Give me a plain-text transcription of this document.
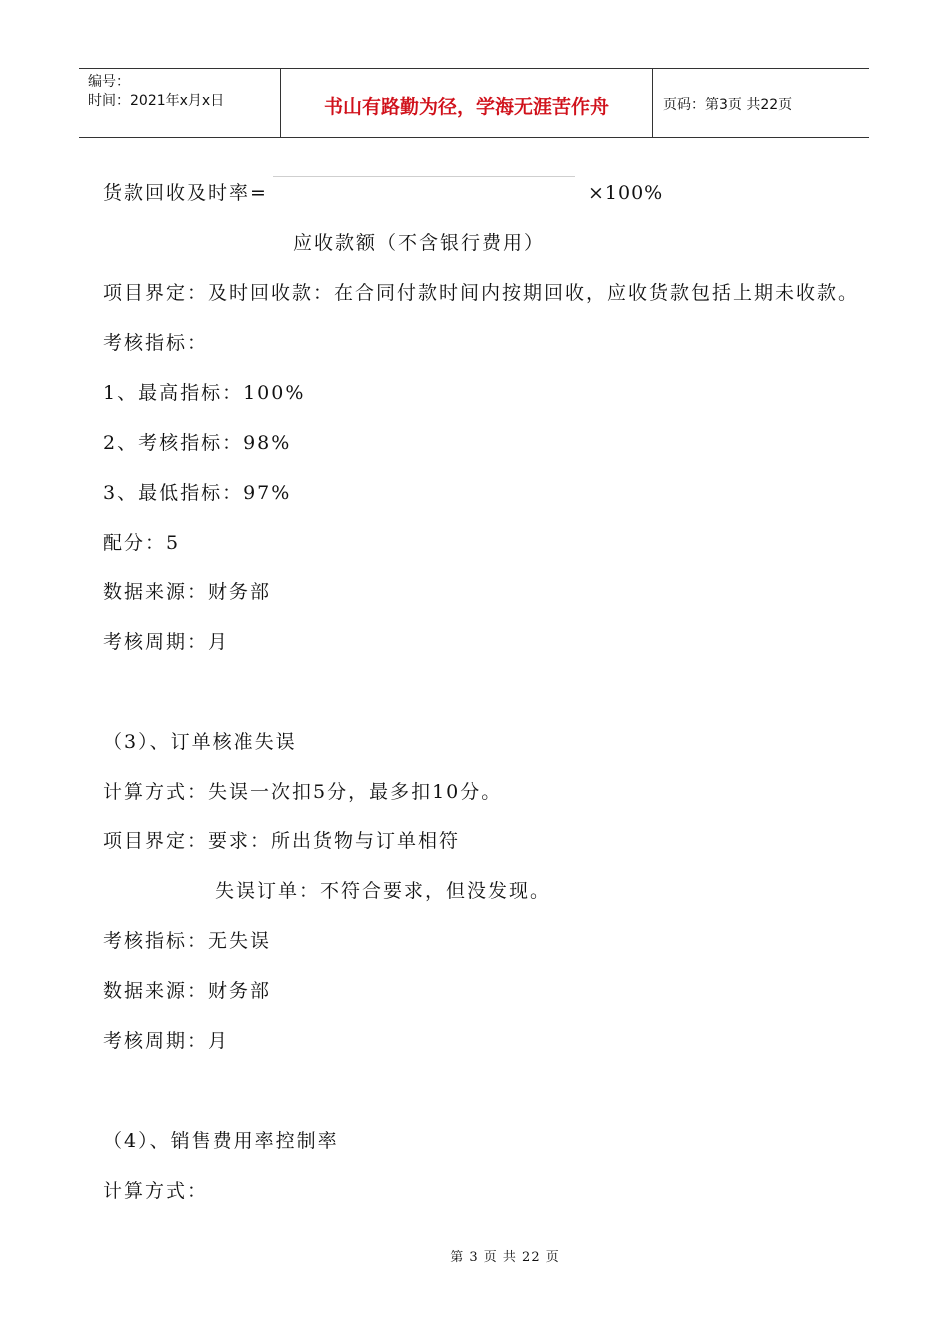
编号：
时间：2021年x月x日	书山有路勤为径，学海无涯苦作舟	页码：第3页 共22页
货款回收及时率=	×100%
应收款额（不含银行费用）
项目界定：及时回收款：在合同付款时间内按期回收，应收货款包括上期未收款。
考核指标：
1、最高指标：100%
2、考核指标：98%
3、最低指标：97%
配分：5
数据来源：财务部
考核周期：月
（3）、订单核准失误
计算方式：失误一次扣5分，最多扣10分。
项目界定：要求：所出货物与订单相符
失误订单：不符合要求，但没发现。
考核指标：无失误
数据来源：财务部
考核周期：月
（4）、销售费用率控制率
计算方式：
第 3 页 共 22 页
